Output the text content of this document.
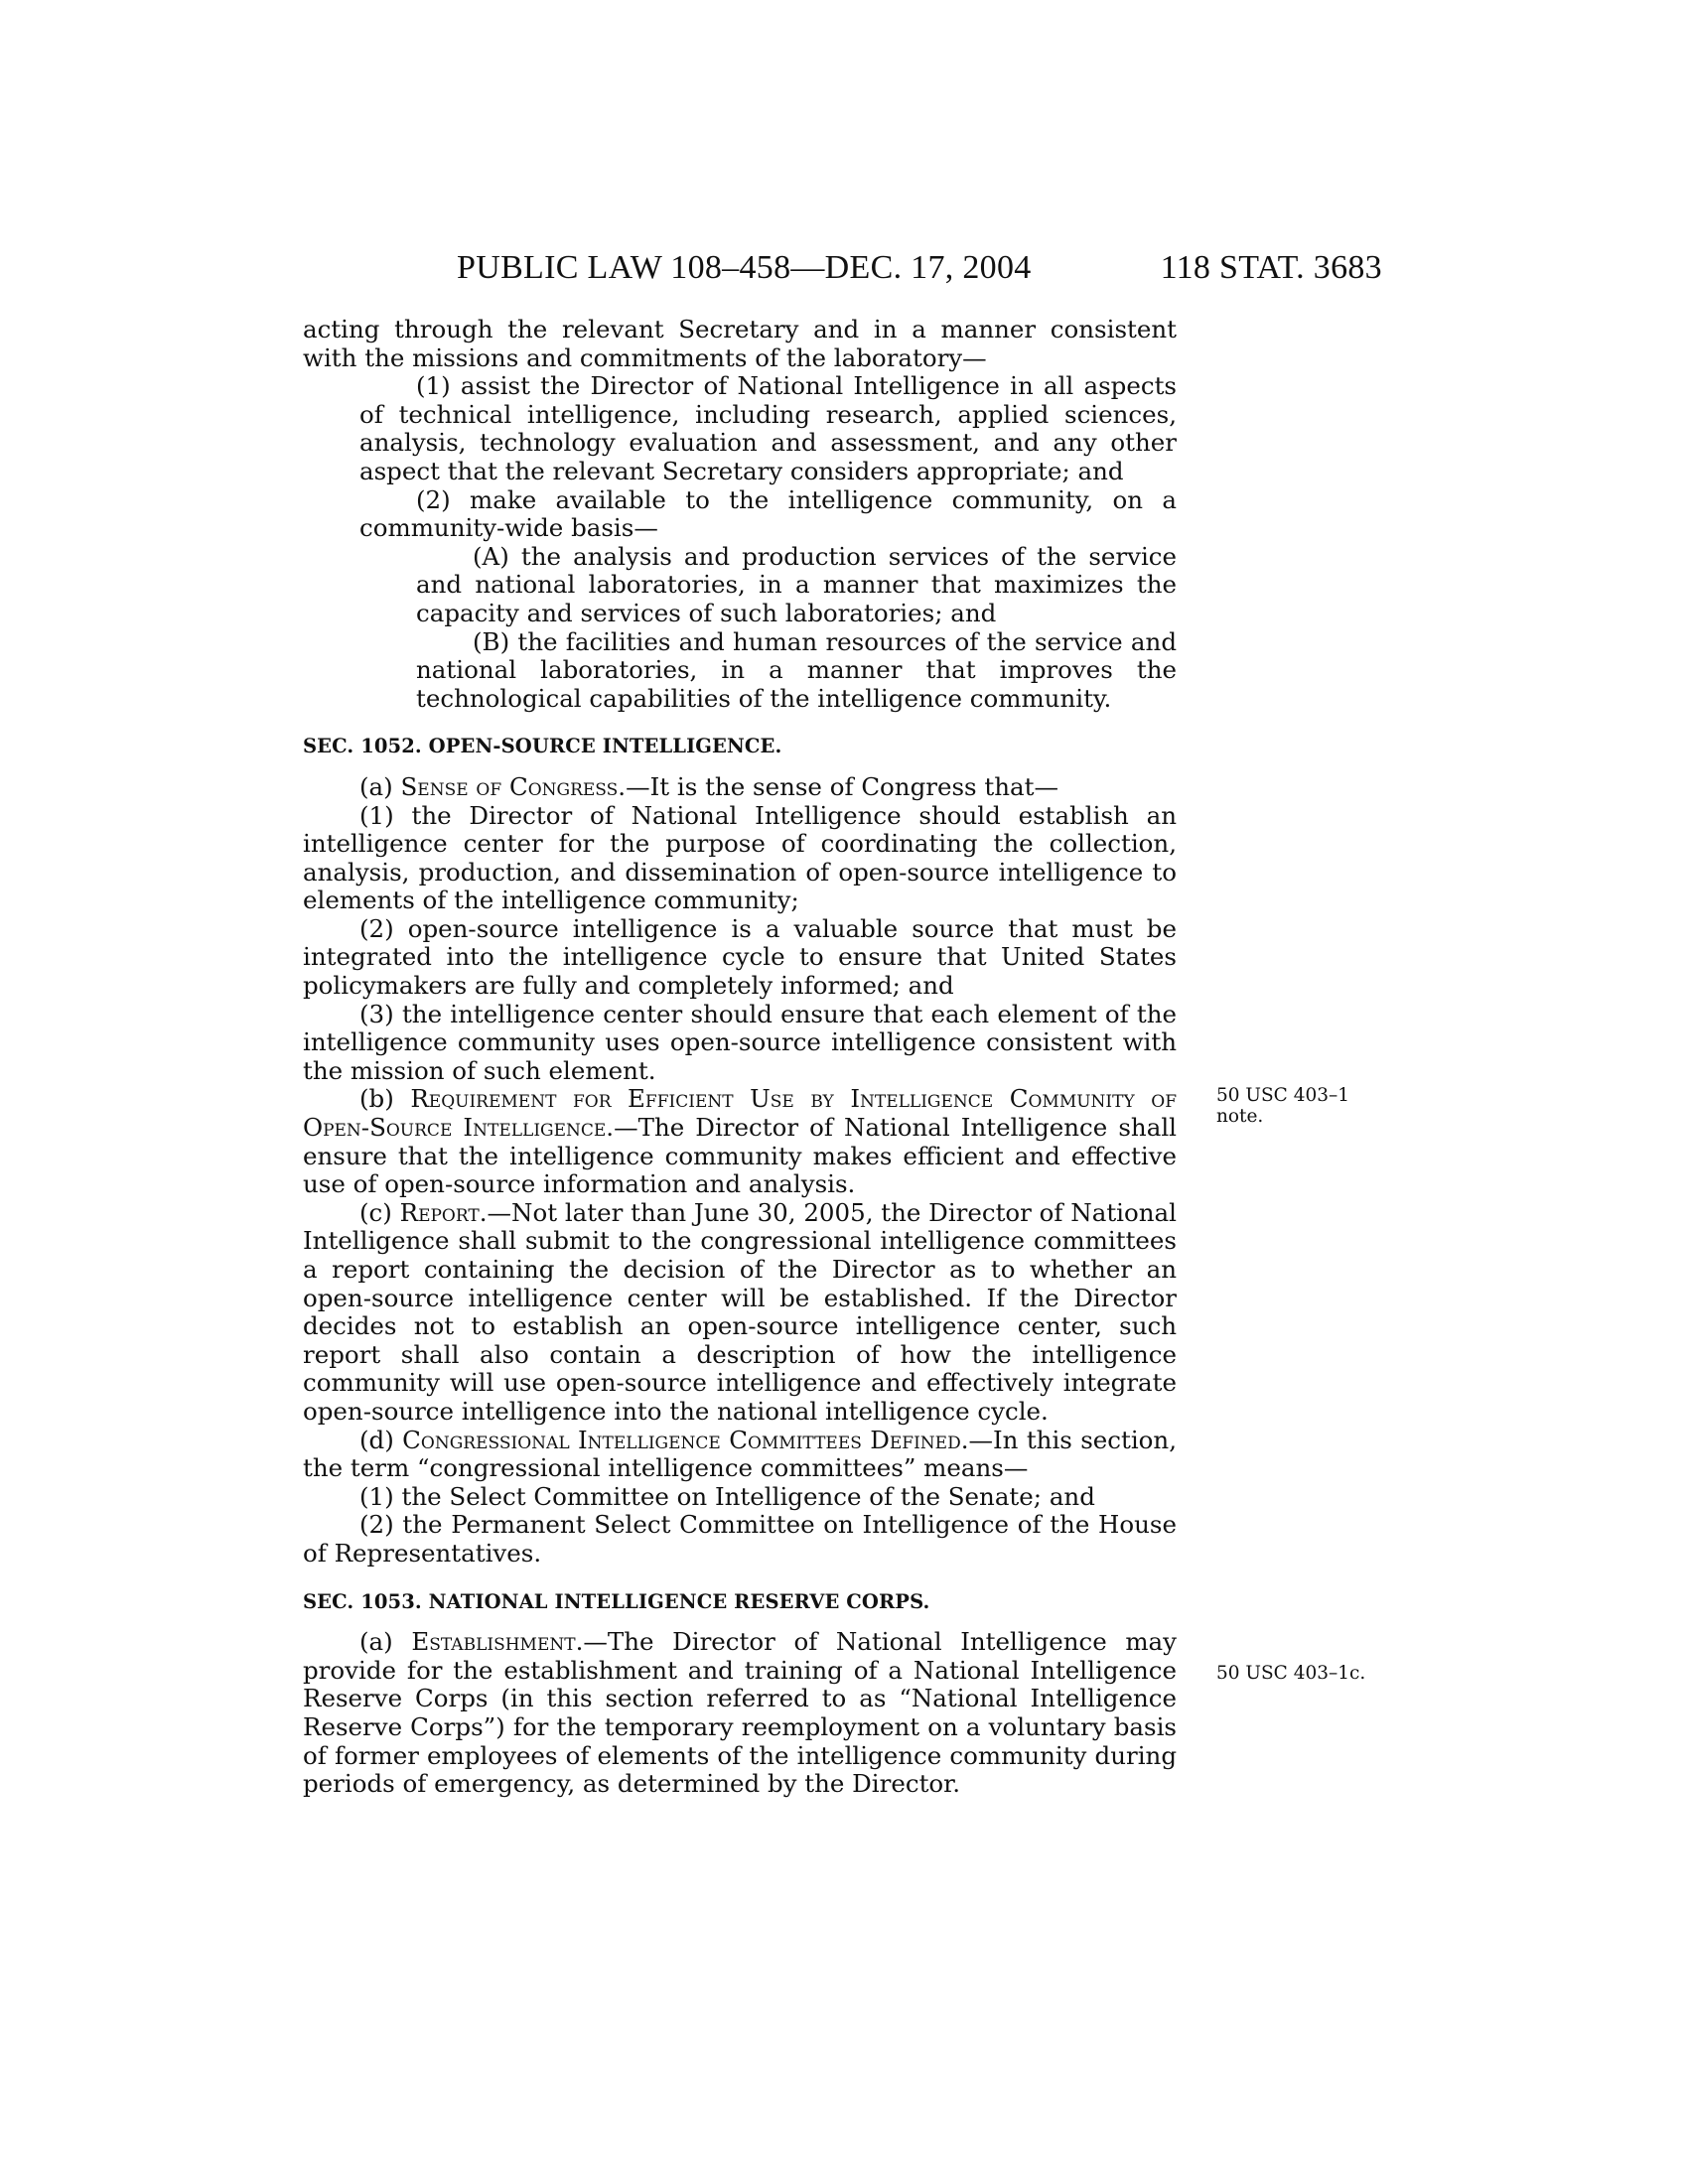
PUBLIC LAW 108–458—DEC. 17, 2004	118 STAT. 3683

acting through the relevant Secretary and in a manner consistent with the missions and commitments of the laboratory—

(1) assist the Director of National Intelligence in all aspects of technical intelligence, including research, applied sciences, analysis, technology evaluation and assessment, and any other aspect that the relevant Secretary considers appropriate; and

(2) make available to the intelligence community, on a community-wide basis—

(A) the analysis and production services of the service and national laboratories, in a manner that maximizes the capacity and services of such laboratories; and

(B) the facilities and human resources of the service and national laboratories, in a manner that improves the technological capabilities of the intelligence community.

SEC. 1052. OPEN-SOURCE INTELLIGENCE.

(a) Sense of Congress.—It is the sense of Congress that—

(1) the Director of National Intelligence should establish an intelligence center for the purpose of coordinating the collection, analysis, production, and dissemination of open-source intelligence to elements of the intelligence community;

(2) open-source intelligence is a valuable source that must be integrated into the intelligence cycle to ensure that United States policymakers are fully and completely informed; and

(3) the intelligence center should ensure that each element of the intelligence community uses open-source intelligence consistent with the mission of such element.

(b) Requirement for Efficient Use by Intelligence Community of Open-Source Intelligence.—The Director of National Intelligence shall ensure that the intelligence community makes efficient and effective use of open-source information and analysis.

(c) Report.—Not later than June 30, 2005, the Director of National Intelligence shall submit to the congressional intelligence committees a report containing the decision of the Director as to whether an open-source intelligence center will be established. If the Director decides not to establish an open-source intelligence center, such report shall also contain a description of how the intelligence community will use open-source intelligence and effectively integrate open-source intelligence into the national intelligence cycle.

(d) Congressional Intelligence Committees Defined.—In this section, the term “congressional intelligence committees” means—

(1) the Select Committee on Intelligence of the Senate; and

(2) the Permanent Select Committee on Intelligence of the House of Representatives.

SEC. 1053. NATIONAL INTELLIGENCE RESERVE CORPS.

(a) Establishment.—The Director of National Intelligence may provide for the establishment and training of a National Intelligence Reserve Corps (in this section referred to as “National Intelligence Reserve Corps”) for the temporary reemployment on a voluntary basis of former employees of elements of the intelligence community during periods of emergency, as determined by the Director.

50 USC 403–1
note.
50 USC 403–1c.
